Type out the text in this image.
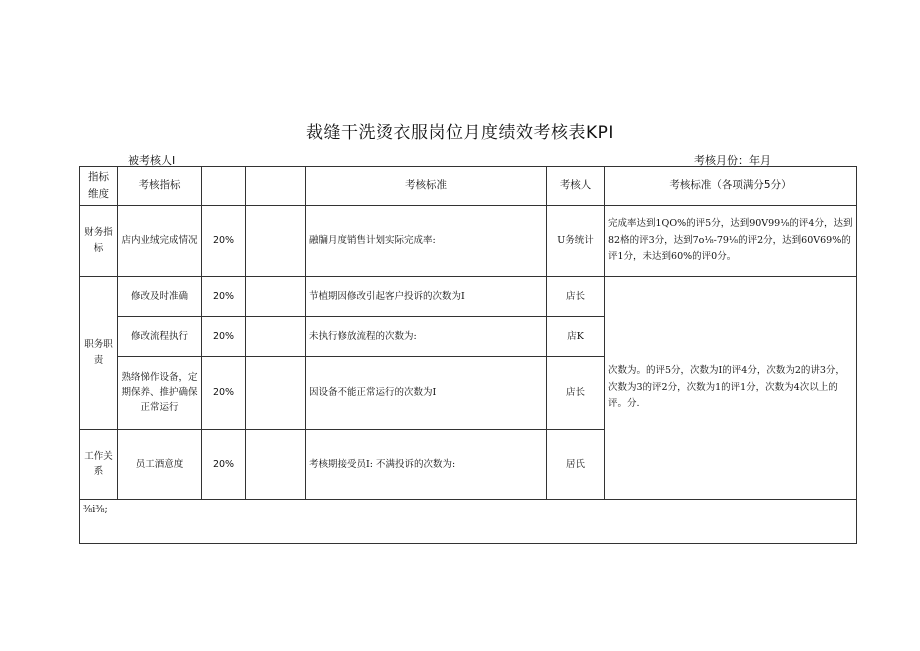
裁缝干洗烫衣服岗位月度绩效考核表KPI
被考核人I	考核月份：年月
指标维度	考核指标			考核标准	考核人	考核标准（各项满分5分）
财务指标	店内业绒完成情况	20%		融牖月度销售计划实际完成率:	U务统计	完成率达到1QO%的评5分，达到90V99⅛的评4分，达到82格的评3分，达到7o⅛-79⅛的评2分，达到60V69%的评1分，未达到60%的评0分。
职务职责	修改及时准确	20%		节植期因修改引起客户投诉的次数为I	店长	次数为。的评5分，次数为I的评4分，次数为2的讲3分，次数为3的评2分，次数为1的评1分，次数为4次以上的评。分.
	修改流程执行	20%		未执行修放流程的次数为:	店K	
	熟络悌作设备，定期保养、推护确保正常运行	20%		因设备不能正常运行的次数为I	店长	
工作关系	员工酒意度	20%		考核期接受员I: 不满投诉的次数为:	居氏	
⅜i⅜;						
